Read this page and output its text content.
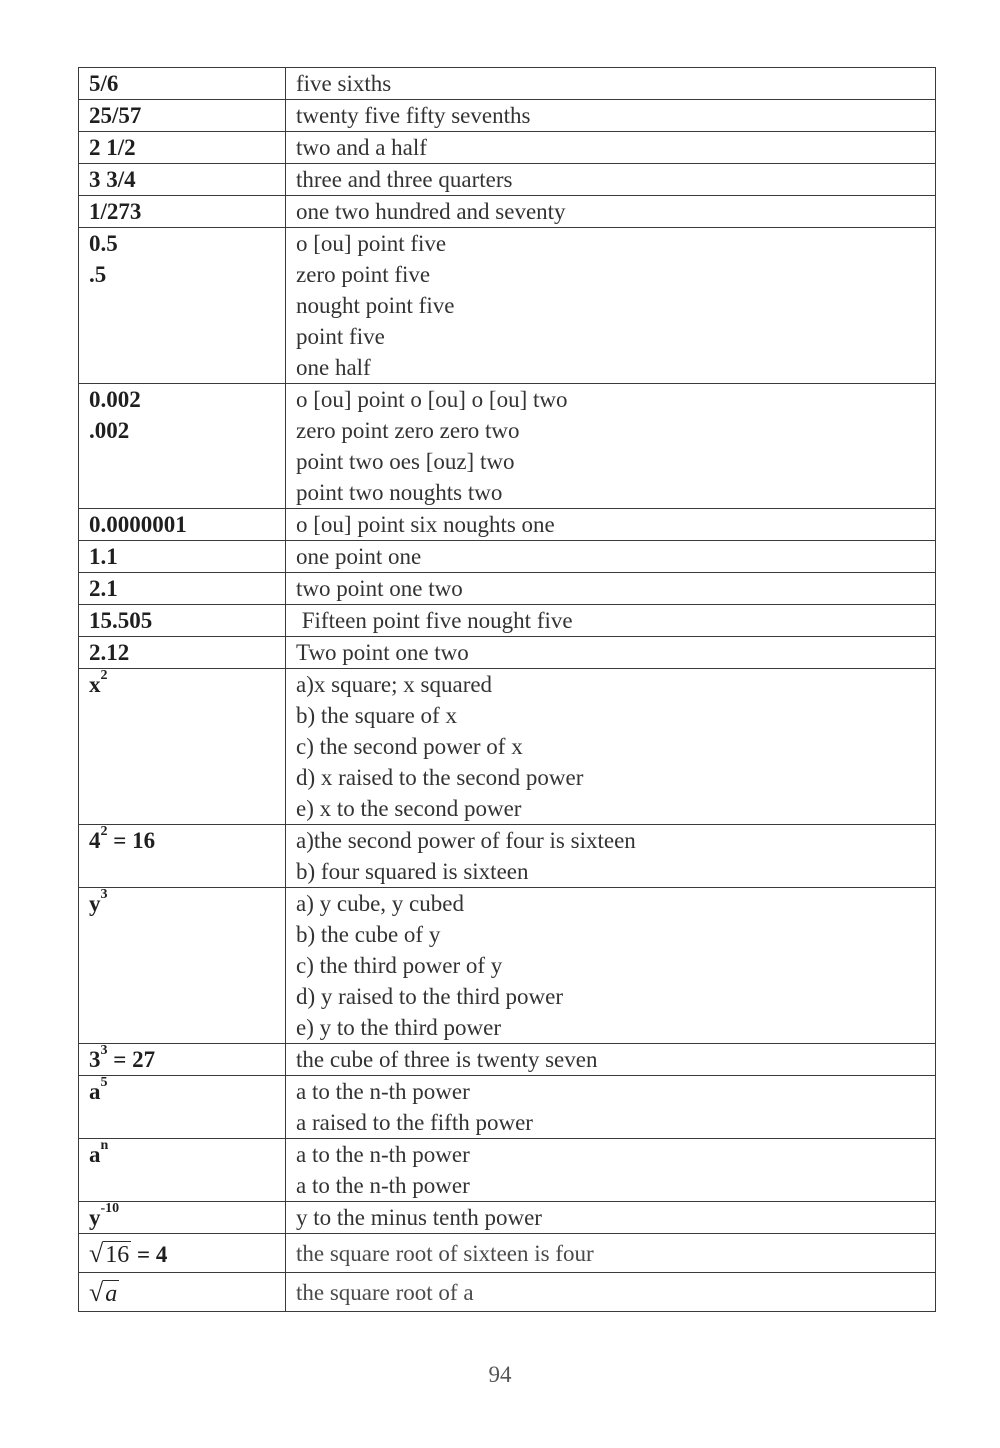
5/6	five sixths

25/57	twenty five fifty sevenths

2 1/2	two and a half

3 3/4	three and three quarters

1/273	one two hundred and seventy

0.5
.5	o [ou] point five
zero point five
nought point five
point five
one half

0.002
.002	o [ou] point o [ou] o [ou] two
zero point zero zero two
point two oes [ouz] two
point two noughts two

0.0000001	o [ou] point six noughts one

1.1	one point one

2.1	two point one two

15.505	Fifteen point five nought five

2.12	Two point one two

$x^2$	a)x square; x squared
b) the square of x
c) the second power of x
d) x raised to the second power
e) x to the second power

$4^2 = 16$	a)the second power of four is sixteen
b) four squared is sixteen

$y^3$	a) y cube, y cubed
b) the cube of y
c) the third power of y
d) y raised to the third power
e) y to the third power

$3^3 = 27$	the cube of three is twenty seven

$a^5$	a to the n-th power
a raised to the fifth power

$a^n$	a to the n-th power
a to the n-th power

$y^{-10}$	y to the minus tenth power

√16 = 4	the square root of sixteen is four

√a	the square root of a
94
